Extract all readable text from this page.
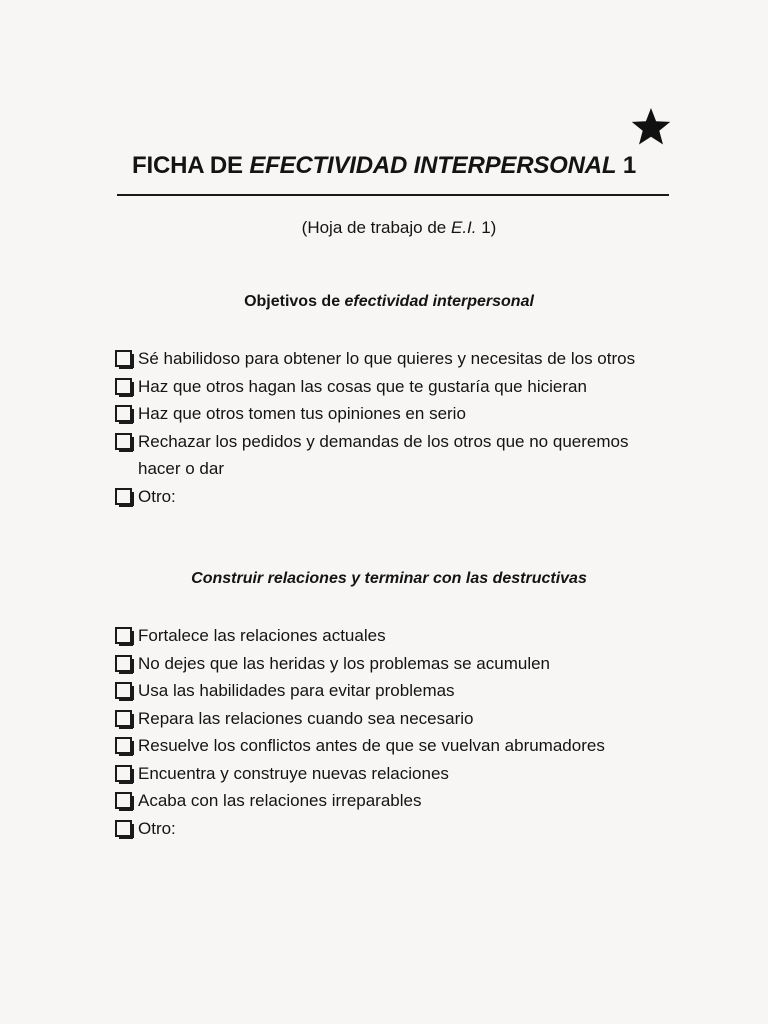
FICHA DE EFECTIVIDAD INTERPERSONAL 1
(Hoja de trabajo de E.I. 1)
Objetivos de efectividad interpersonal
Sé habilidoso para obtener lo que quieres y necesitas de los otros
Haz que otros hagan las cosas que te gustaría que hicieran
Haz que otros tomen tus opiniones en serio
Rechazar los pedidos y demandas de los otros que no queremos hacer o dar
Otro:
Construir relaciones y terminar con las destructivas
Fortalece las relaciones actuales
No dejes que las heridas y los problemas se acumulen
Usa las habilidades para evitar problemas
Repara las relaciones cuando sea necesario
Resuelve los conflictos antes de que se vuelvan abrumadores
Encuentra y construye nuevas relaciones
Acaba con las relaciones irreparables
Otro:
